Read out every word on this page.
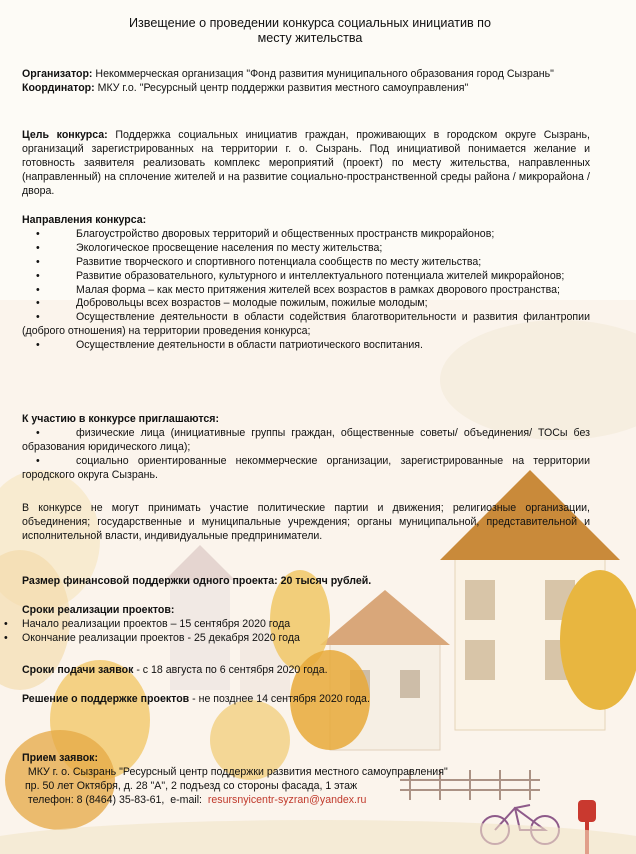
Извещение о проведении конкурса социальных инициатив по
месту жительства

Организатор: Некоммерческая организация "Фонд развития муниципального образования город Сызрань"

Координатор: МКУ г.о. "Ресурсный центр поддержки развития местного самоуправления"

Цель конкурса: Поддержка социальных инициатив граждан, проживающих в городском округе Сызрань, организаций зарегистрированных на территории г. о. Сызрань. Под инициативой понимается желание и готовность заявителя реализовать комплекс мероприятий (проект) по месту жительства, направленных (направленный) на сплочение жителей и на развитие социально-пространственной среды района / микрорайона / двора.

Направления конкурса:
•	Благоустройство дворовых территорий и общественных пространств микрорайонов;
•	Экологическое просвещение населения по месту жительства;
•	Развитие творческого и спортивного потенциала сообществ по месту жительства;
•	Развитие образовательного, культурного и интеллектуального потенциала жителей микрорайонов;
•	Малая форма – как место притяжения жителей всех возрастов в рамках дворового пространства;
•	Добровольцы всех возрастов – молодые пожилым, пожилые молодым;
•	Осуществление деятельности в области содействия благотворительности и развития филантропии (доброго отношения) на территории проведения конкурса;
•	Осуществление деятельности в области патриотического воспитания.
К участию в конкурсе приглашаются:
•	физические лица (инициативные группы граждан, общественные советы/ объединения/ ТОСы без образования юридического лица);
•	социально ориентированные некоммерческие организации, зарегистрированные на территории городского округа Сызрань.

В конкурсе не могут принимать участие политические партии и движения; религиозные организации, объединения; государственные и муниципальные учреждения; органы муниципальной, представительной и исполнительной власти, индивидуальные предприниматели.

Размер финансовой поддержки одного проекта: 20 тысяч рублей.
Сроки реализации проектов:
• Начало реализации проектов – 15 сентября 2020 года
• Окончание реализации проектов - 25 декабря 2020 года
Сроки подачи заявок - с 18 августа по 6 сентября 2020 года.
Решение о поддержке проектов - не позднее 14 сентября 2020 года.
Прием заявок:
МКУ г. о. Сызрань "Ресурсный центр поддержки развития местного самоуправления"
пр. 50 лет Октября, д. 28 "А", 2 подъезд со стороны фасада, 1 этаж
телефон: 8 (8464) 35-83-61,  e-mail:  resursnyicentr-syzran@yandex.ru
